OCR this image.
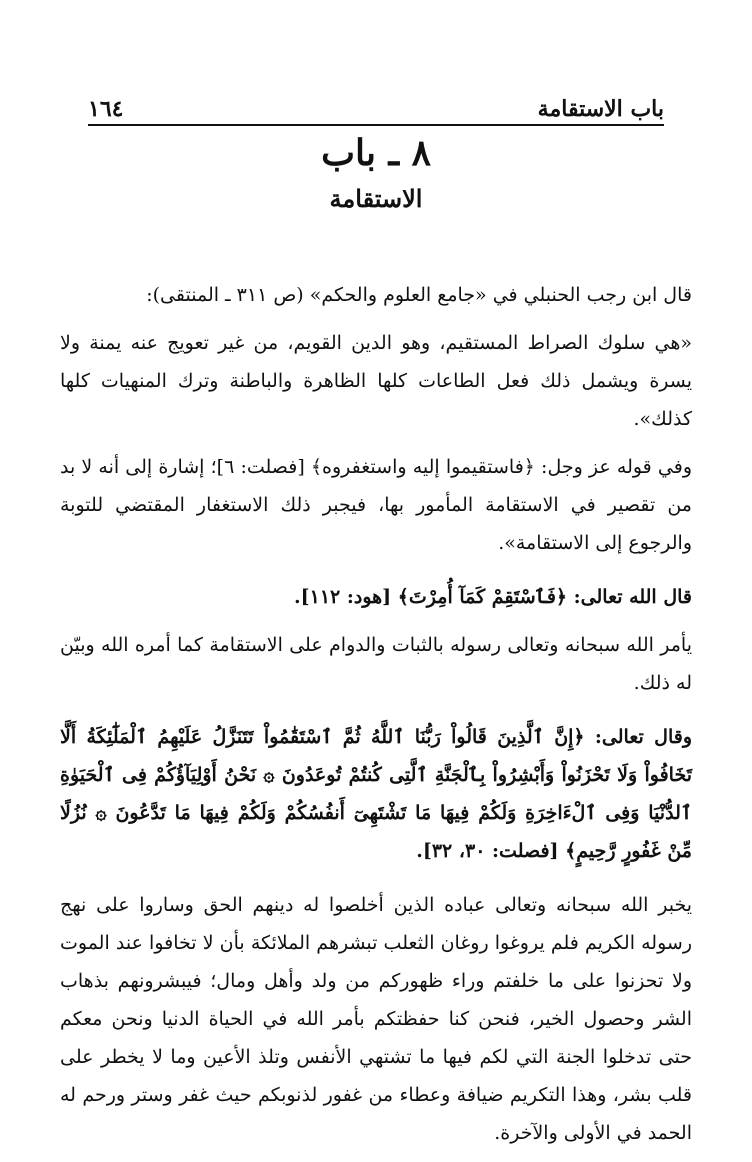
١٦٤	باب الاستقامة
٨ ـ باب
الاستقامة

قال ابن رجب الحنبلي في «جامع العلوم والحكم» (ص ٣١١ ـ المنتقى):

«هي سلوك الصراط المستقيم، وهو الدين القويم، من غير تعويج عنه يمنة ولا يسرة ويشمل ذلك فعل الطاعات كلها الظاهرة والباطنة وترك المنهيات كلها كذلك».

وفي قوله عز وجل: ﴿فاستقيموا إليه واستغفروه﴾ [فصلت: ٦]؛ إشارة إلى أنه لا بد من تقصير في الاستقامة المأمور بها، فيجبر ذلك الاستغفار المقتضي للتوبة والرجوع إلى الاستقامة».

قال الله تعالى: ﴿فَٱسْتَقِمْ كَمَآ أُمِرْتَ﴾ [هود: ١١٢].

يأمر الله سبحانه وتعالى رسوله بالثبات والدوام على الاستقامة كما أمره الله وبيّن له ذلك.

وقال تعالى: ﴿إِنَّ ٱلَّذِينَ قَالُواْ رَبُّنَا ٱللَّهُ ثُمَّ ٱسْتَقَٰمُواْ تَتَنَزَّلُ عَلَيْهِمُ ٱلْمَلَٰٓئِكَةُ أَلَّا تَخَافُواْ وَلَا تَحْزَنُواْ وَأَبْشِرُواْ بِٱلْجَنَّةِ ٱلَّتِى كُنتُمْ تُوعَدُونَ ۞ نَحْنُ أَوْلِيَآؤُكُمْ فِى ٱلْحَيَوٰةِ ٱلدُّنْيَا وَفِى ٱلْءَاخِرَةِ وَلَكُمْ فِيهَا مَا تَشْتَهِىٓ أَنفُسُكُمْ وَلَكُمْ فِيهَا مَا تَدَّعُونَ ۞ نُزُلًا مِّنْ غَفُورٍ رَّحِيمٍ﴾ [فصلت: ٣٠، ٣٢].

يخبر الله سبحانه وتعالى عباده الذين أخلصوا له دينهم الحق وساروا على نهج رسوله الكريم فلم يروغوا روغان الثعلب تبشرهم الملائكة بأن لا تخافوا عند الموت ولا تحزنوا على ما خلفتم وراء ظهوركم من ولد وأهل ومال؛ فيبشرونهم بذهاب الشر وحصول الخير، فنحن كنا حفظتكم بأمر الله في الحياة الدنيا ونحن معكم حتى تدخلوا الجنة التي لكم فيها ما تشتهي الأنفس وتلذ الأعين وما لا يخطر على قلب بشر، وهذا التكريم ضيافة وعطاء من غفور لذنوبكم حيث غفر وستر ورحم له الحمد في الأولى والآخرة.
